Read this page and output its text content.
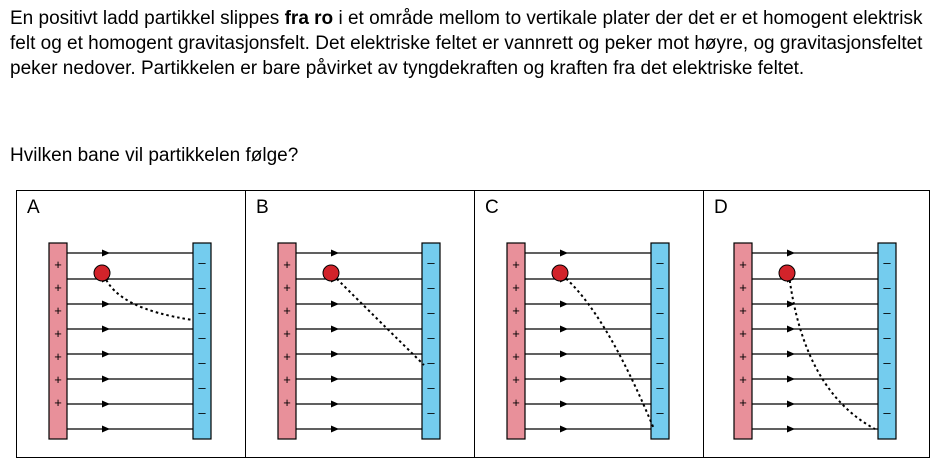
En positivt ladd partikkel slippes fra ro i et område mellom to vertikale plater der det er et homogent elektrisk felt og et homogent gravitasjonsfelt. Det elektriske feltet er vannrett og peker mot høyre, og gravitasjonsfeltet peker nedover. Partikkelen er bare påvirket av tyngdekraften og kraften fra det elektriske feltet.

Hvilken bane vil partikkelen følge?
A
+
+
+
+
+
+
+
–
–
–
–
–
–
–
B
+
+
+
+
+
+
+
–
–
–
–
–
–
–
C
+
+
+
+
+
+
+
–
–
–
–
–
–
–
D
+
+
+
+
+
+
+
–
–
–
–
–
–
–
